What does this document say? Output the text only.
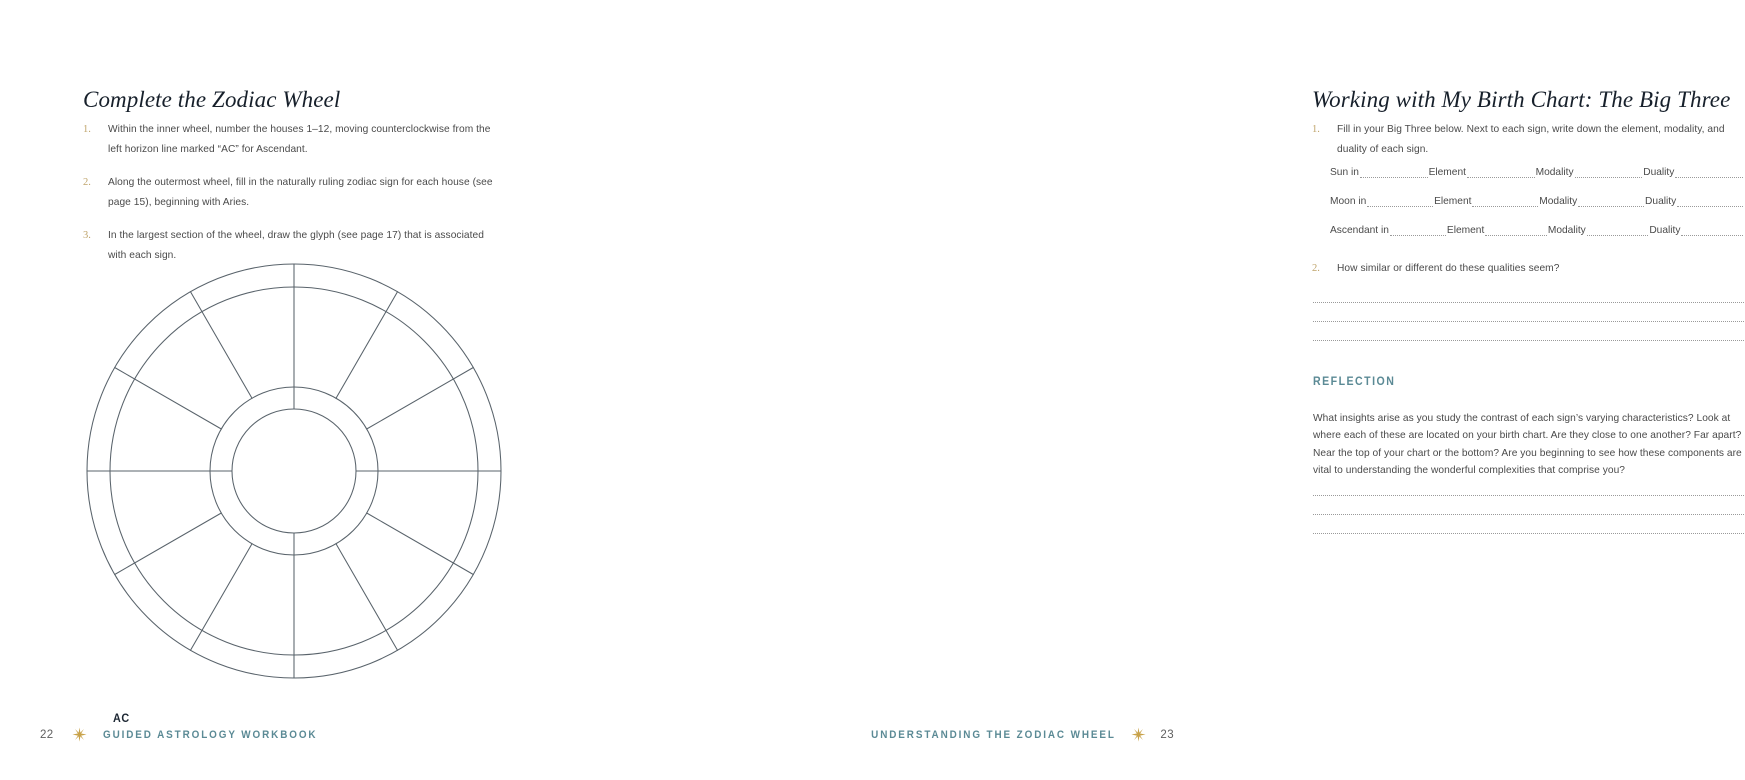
Complete the Zodiac Wheel
1.	Within the inner wheel, number the houses 1–12, moving counterclockwise from the left horizon line marked “AC” for Ascendant.
2.	Along the outermost wheel, fill in the naturally ruling zodiac sign for each house (see page 15), beginning with Aries.
3.	In the largest section of the wheel, draw the glyph (see page 17) that is associated with each sign.
AC
22	GUIDED ASTROLOGY WORKBOOK
Working with My Birth Chart: The Big Three
1.	Fill in your Big Three below. Next to each sign, write down the element, modality, and duality of each sign.
Sun in	Element	Modality	Duality
Moon in	Element	Modality	Duality
Ascendant in	Element	Modality	Duality
2.	How similar or different do these qualities seem?
REFLECTION

What insights arise as you study the contrast of each sign’s varying characteristics? Look at where each of these are located on your birth chart. Are they close to one another? Far apart? Near the top of your chart or the bottom? Are you beginning to see how these components are vital to understanding the wonderful complexities that comprise you?

UNDERSTANDING THE ZODIAC WHEEL	23
